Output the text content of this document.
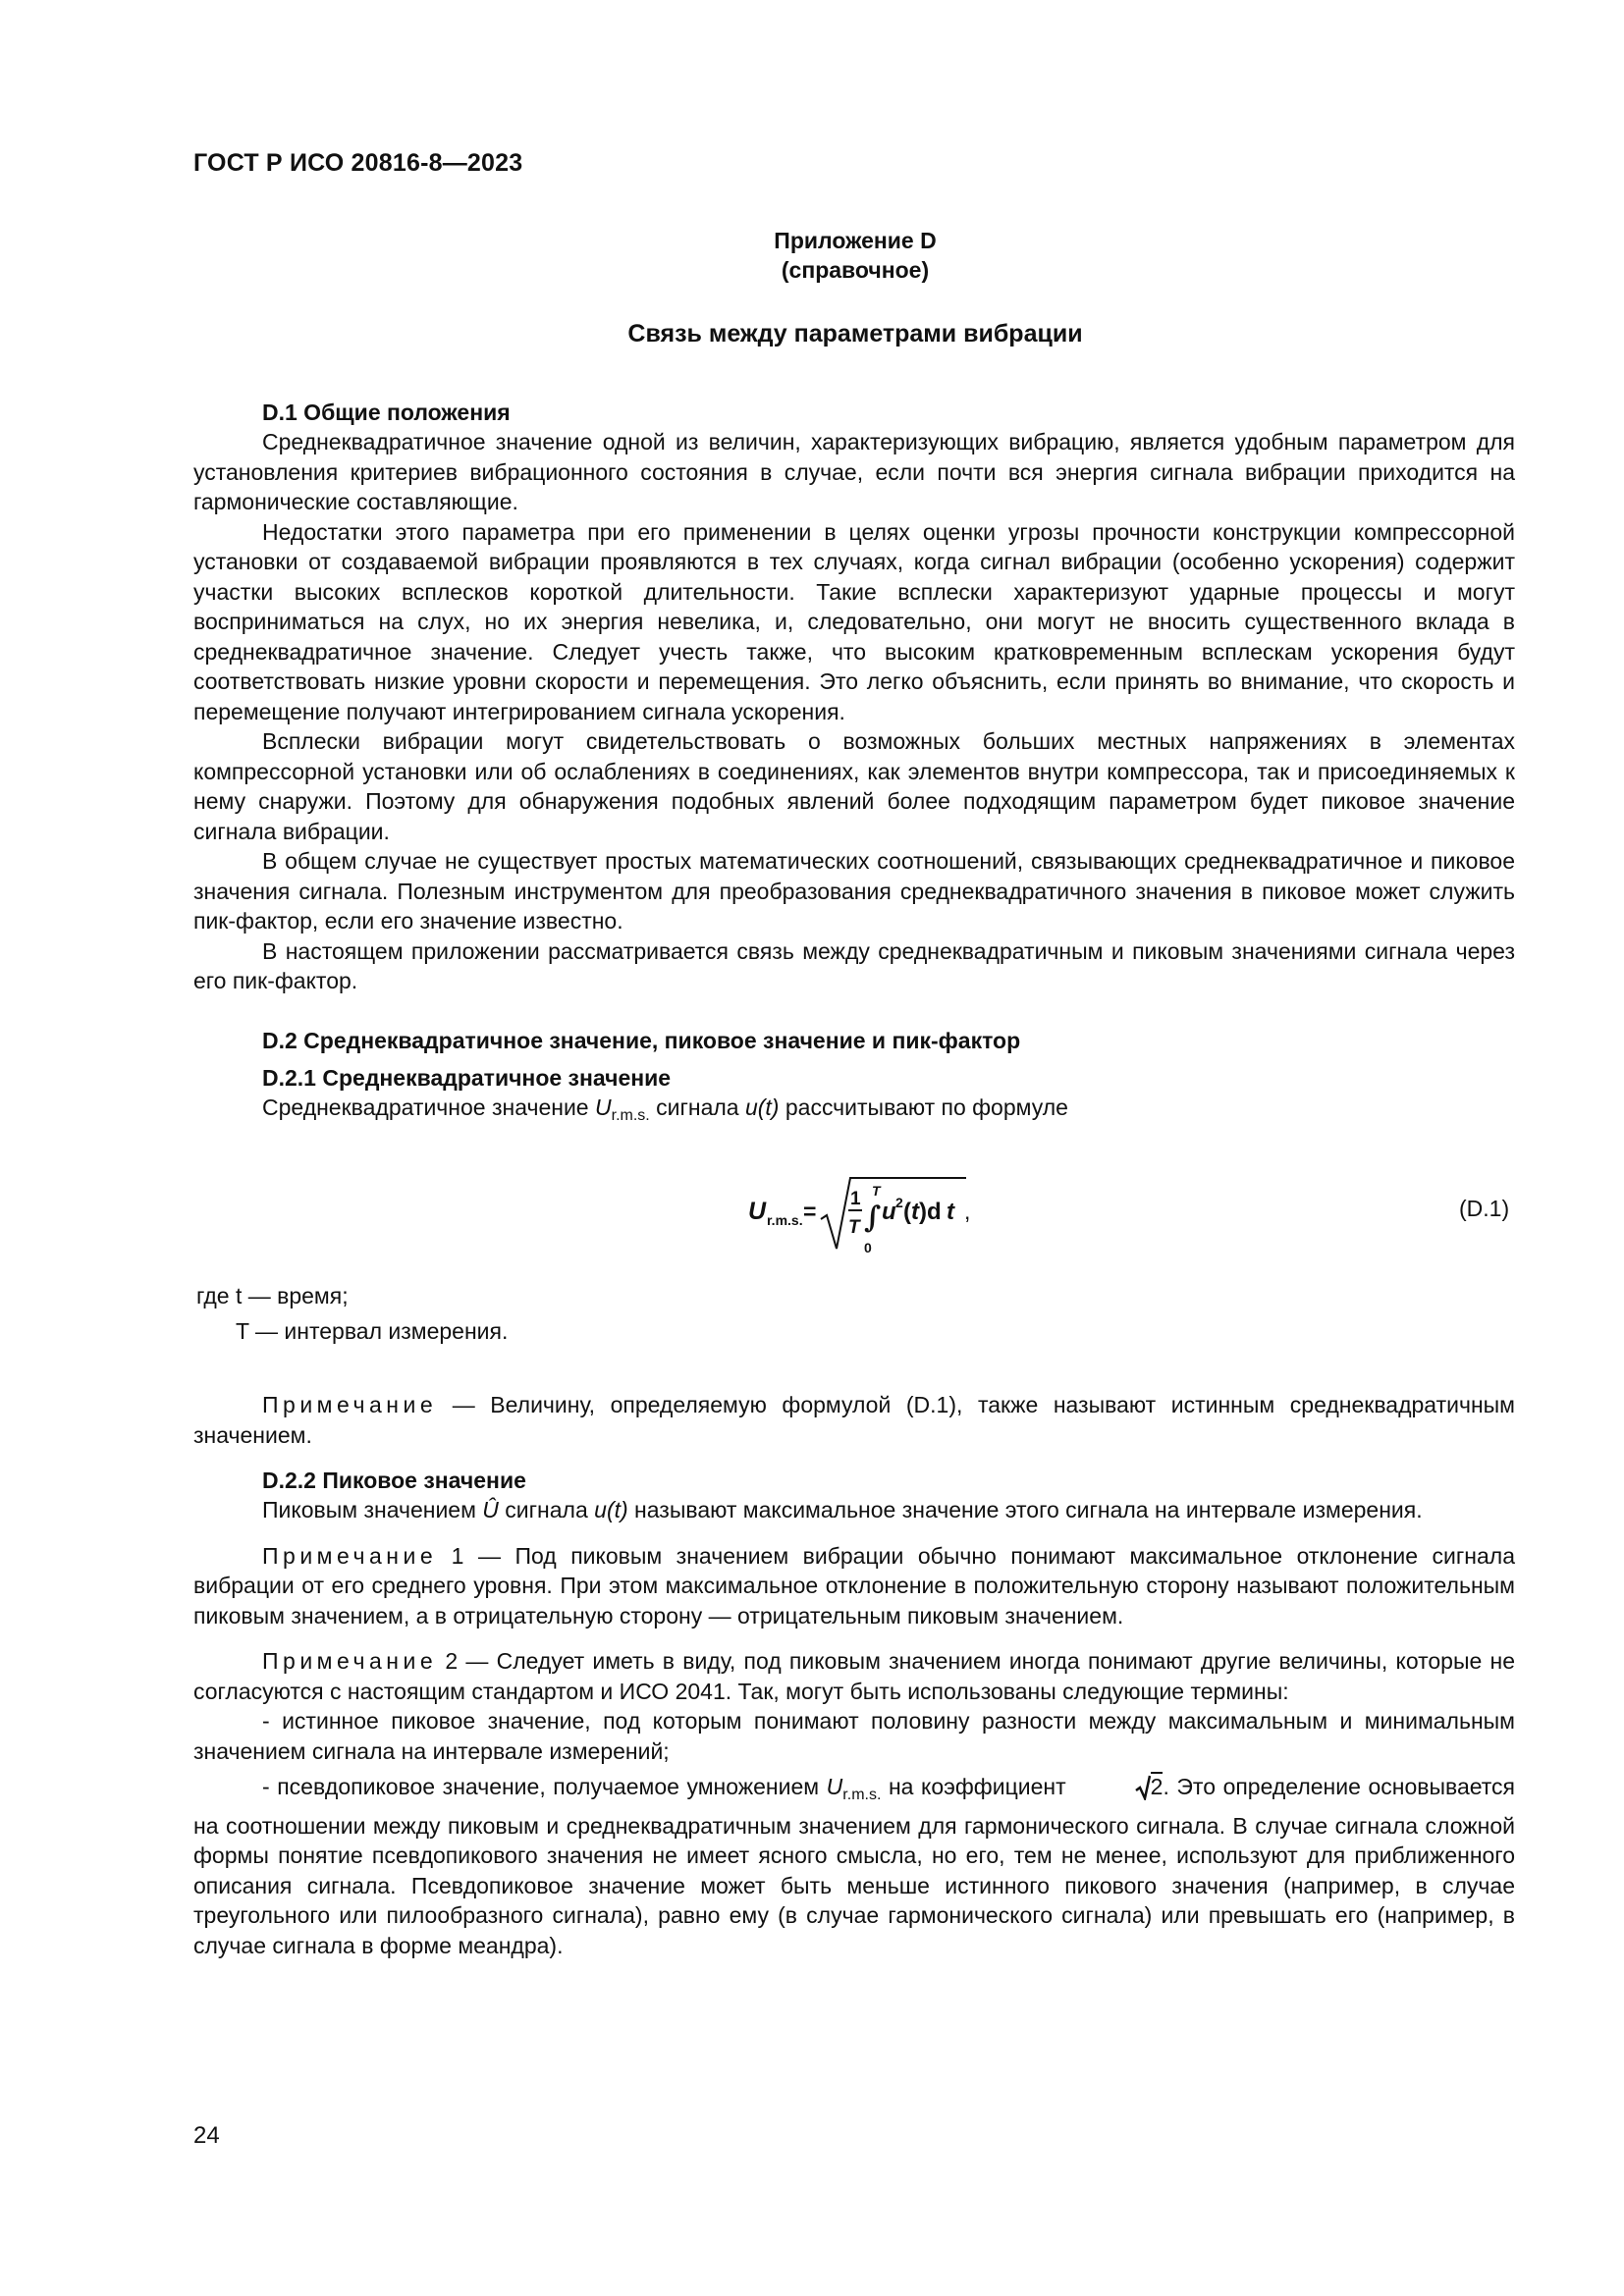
ГОСТ Р ИСО 20816-8—2023
Приложение D
(справочное)
Связь между параметрами вибрации

D.1 Общие положения

Среднеквадратичное значение одной из величин, характеризующих вибрацию, является удобным параметром для установления критериев вибрационного состояния в случае, если почти вся энергия сигнала вибрации приходится на гармонические составляющие.

Недостатки этого параметра при его применении в целях оценки угрозы прочности конструкции компрессорной установки от создаваемой вибрации проявляются в тех случаях, когда сигнал вибрации (особенно ускорения) содержит участки высоких всплесков короткой длительности. Такие всплески характеризуют ударные процессы и могут восприниматься на слух, но их энергия невелика, и, следовательно, они могут не вносить существенного вклада в среднеквадратичное значение. Следует учесть также, что высоким кратковременным всплескам ускорения будут соответствовать низкие уровни скорости и перемещения. Это легко объяснить, если принять во внимание, что скорость и перемещение получают интегрированием сигнала ускорения.

Всплески вибрации могут свидетельствовать о возможных больших местных напряжениях в элементах компрессорной установки или об ослаблениях в соединениях, как элементов внутри компрессора, так и присоединяемых к нему снаружи. Поэтому для обнаружения подобных явлений более подходящим параметром будет пиковое значение сигнала вибрации.

В общем случае не существует простых математических соотношений, связывающих среднеквадратичное и пиковое значения сигнала. Полезным инструментом для преобразования среднеквадратичного значения в пиковое может служить пик-фактор, если его значение известно.

В настоящем приложении рассматривается связь между среднеквадратичным и пиковым значениями сигнала через его пик-фактор.

D.2 Среднеквадратичное значение, пиковое значение и пик-фактор

D.2.1 Среднеквадратичное значение

Среднеквадратичное значение $U_{r.m.s.}$ сигнала u(t) рассчитывают по формуле

U r.m.s. = 1
T ∫
T
0
u 2 ( t )d t ,	(D.1)
где t — время;
T — интервал измерения.

Примечание — Величину, определяемую формулой (D.1), также называют истинным среднеквадратичным значением.

D.2.2 Пиковое значение

Пиковым значением Û сигнала u(t) называют максимальное значение этого сигнала на интервале измерения.

Примечание 1 — Под пиковым значением вибрации обычно понимают максимальное отклонение сигнала вибрации от его среднего уровня. При этом максимальное отклонение в положительную сторону называют положительным пиковым значением, а в отрицательную сторону — отрицательным пиковым значением.

Примечание 2 — Следует иметь в виду, под пиковым значением иногда понимают другие величины, которые не согласуются с настоящим стандартом и ИСО 2041. Так, могут быть использованы следующие термины:

- истинное пиковое значение, под которым понимают половину разности между максимальным и минимальным значением сигнала на интервале измерений;

- псевдопиковое значение, получаемое умножением $U_{r.m.s.}$ на коэффициент	2. Это определение основывается на соотношении между пиковым и среднеквадратичным значением для гармонического сигнала. В случае сигнала сложной формы понятие псевдопикового значения не имеет ясного смысла, но его, тем не менее, используют для приближенного описания сигнала. Псевдопиковое значение может быть меньше истинного пикового значения (например, в случае треугольного или пилообразного сигнала), равно ему (в случае гармонического сигнала) или превышать его (например, в случае сигнала в форме меандра).

24
